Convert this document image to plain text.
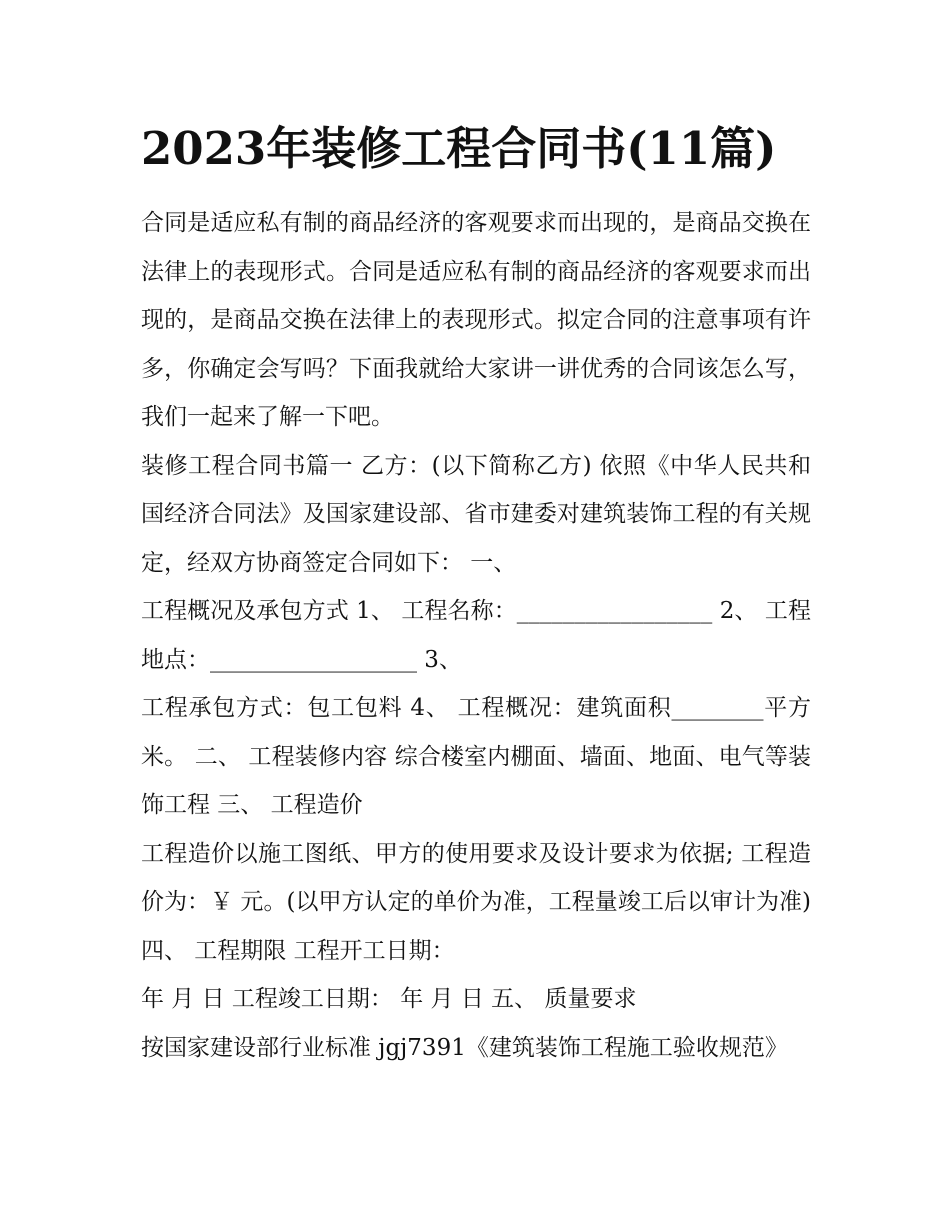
2023年装修工程合同书(11篇)

合同是适应私有制的商品经济的客观要求而出现的，是商品交换在法律上的表现形式。合同是适应私有制的商品经济的客观要求而出现的，是商品交换在法律上的表现形式。拟定合同的注意事项有许多，你确定会写吗？下面我就给大家讲一讲优秀的合同该怎么写，我们一起来了解一下吧。

装修工程合同书篇一 乙方：(以下简称乙方) 依照《中华人民共和国经济合同法》及国家建设部、省市建委对建筑装饰工程的有关规定，经双方协商签定合同如下： 一、

工程概况及承包方式 1、 工程名称：_________________ 2、 工程地点：__________________ 3、

工程承包方式：包工包料 4、 工程概况：建筑面积________平方米。 二、 工程装修内容 综合楼室内棚面、墙面、地面、电气等装饰工程 三、 工程造价

工程造价以施工图纸、甲方的使用要求及设计要求为依据; 工程造价为：￥ 元。(以甲方认定的单价为准，工程量竣工后以审计为准) 四、 工程期限 工程开工日期：

年 月 日 工程竣工日期： 年 月 日 五、 质量要求

按国家建设部行业标准 jgj7391《建筑装饰工程施工验收规范》
